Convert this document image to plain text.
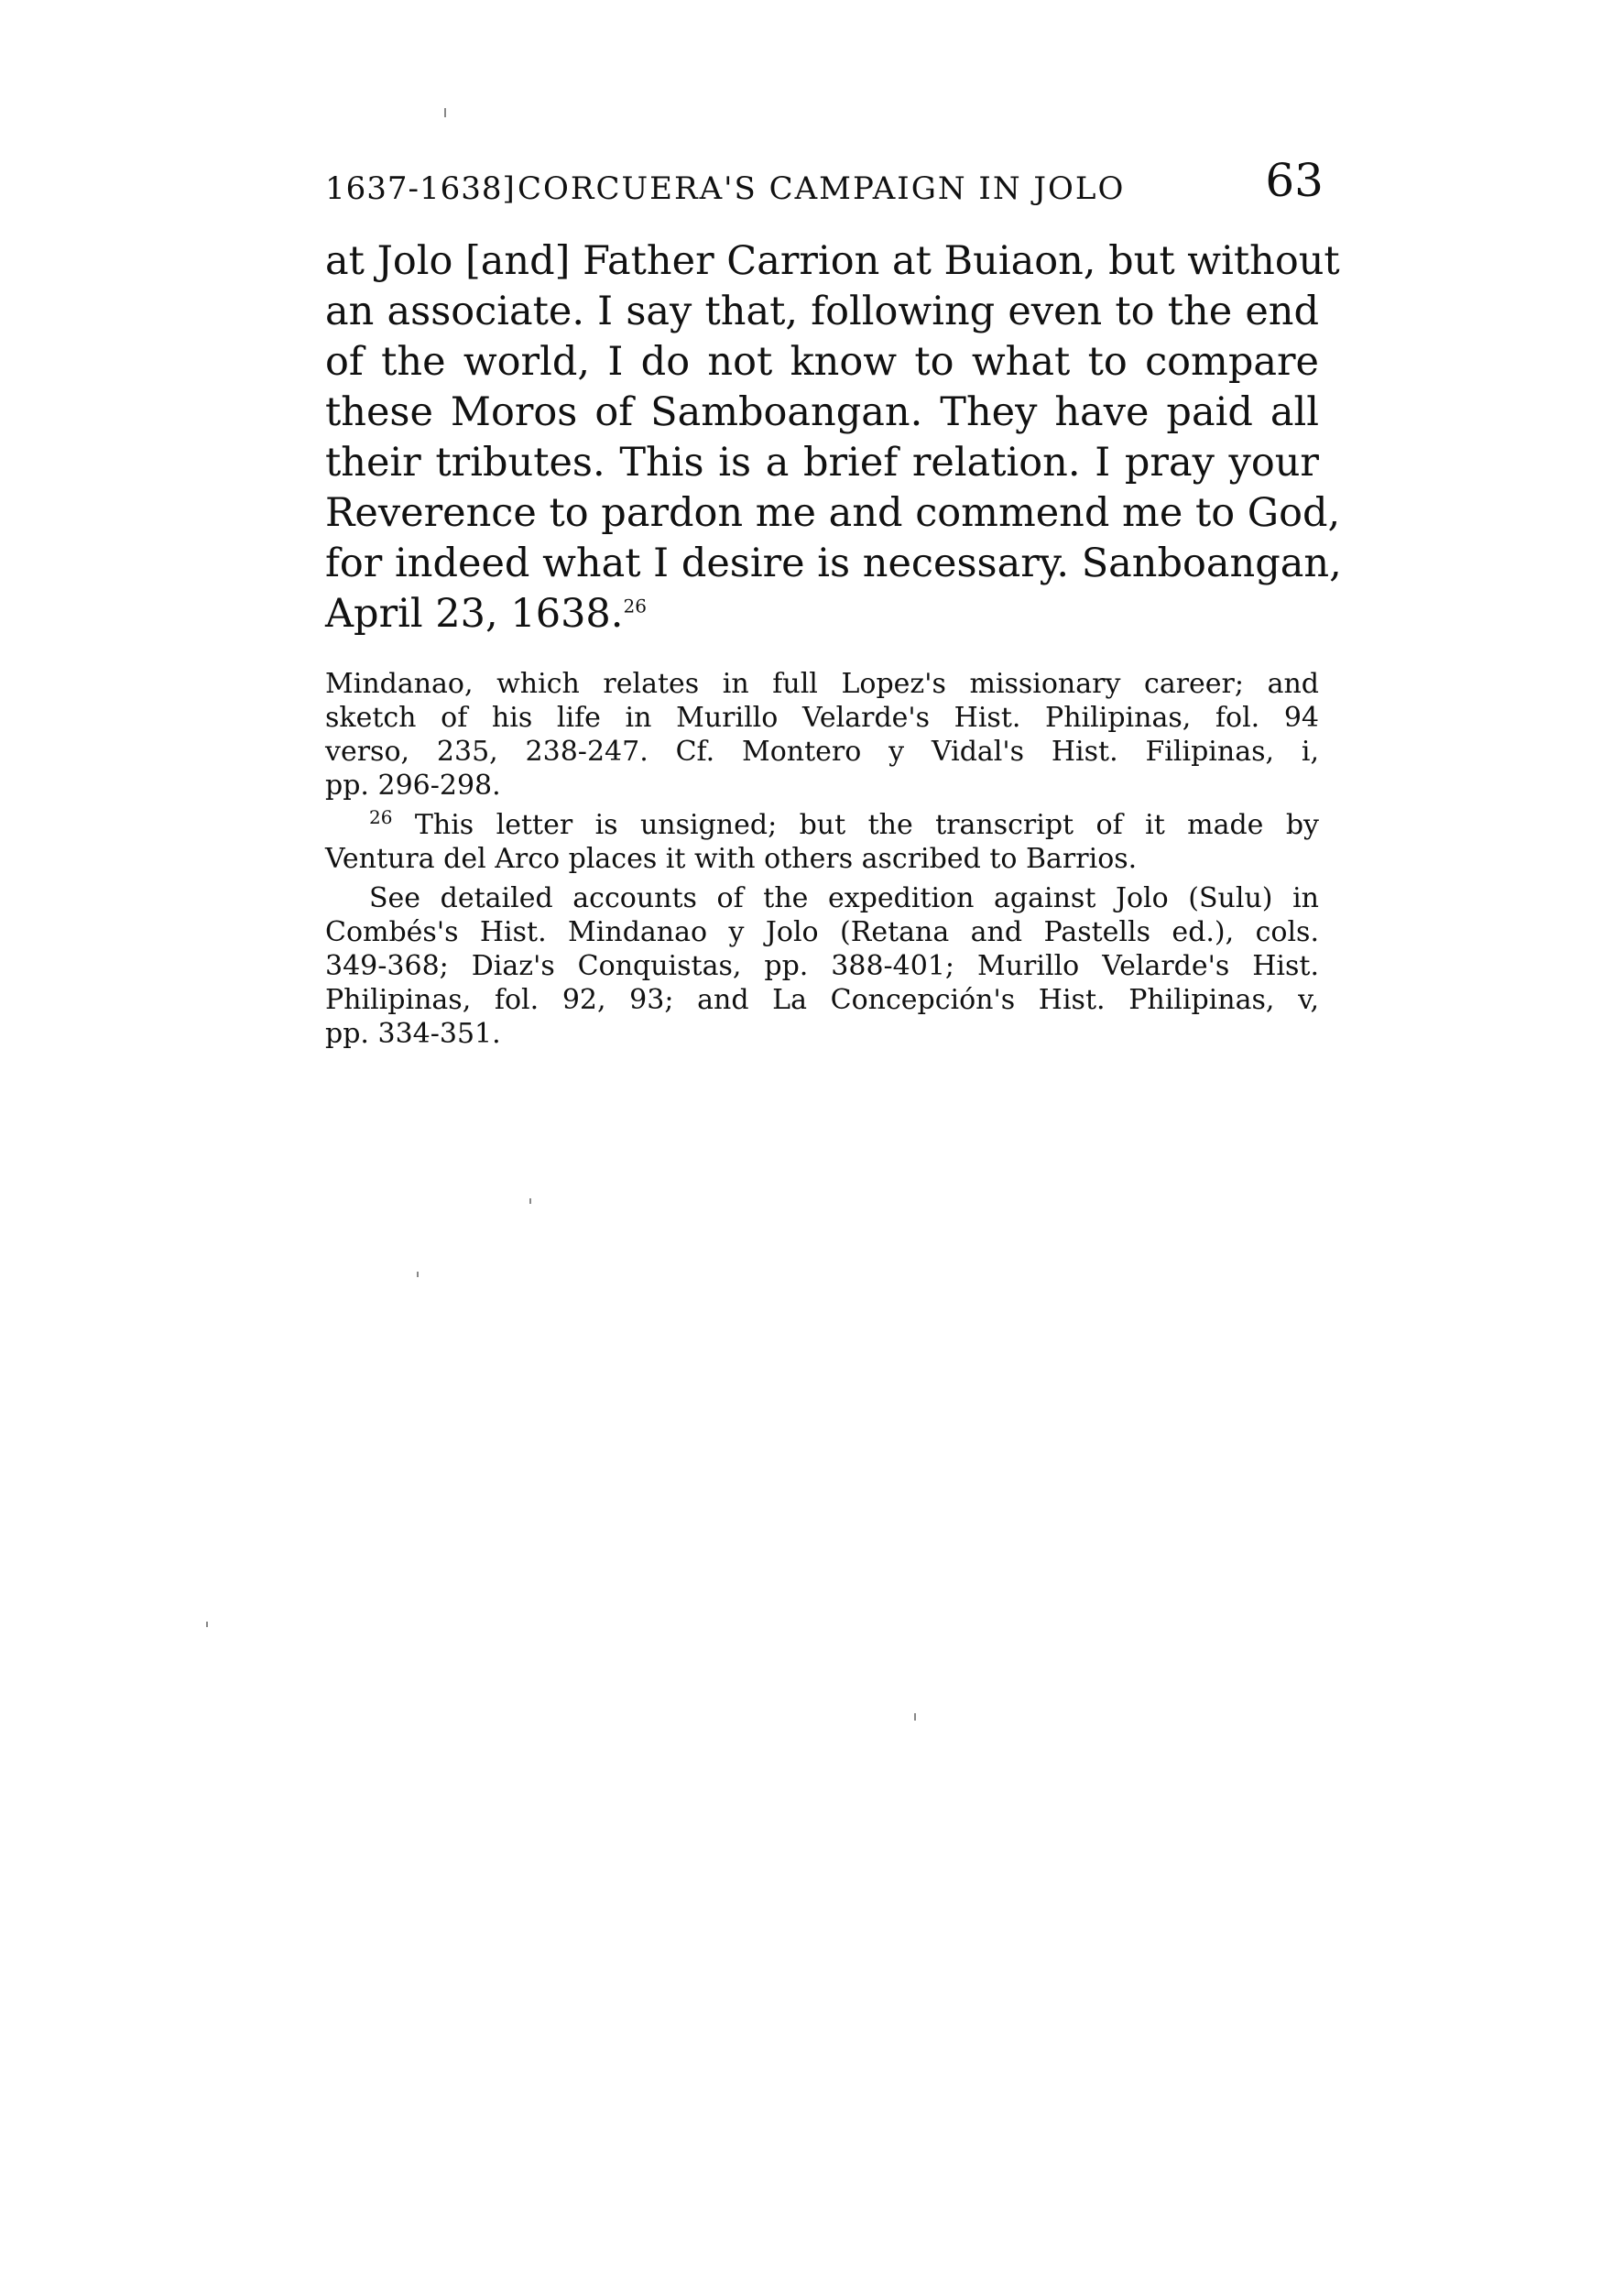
1637-1638] CORCUERA'S CAMPAIGN IN JOLO	63
at Jolo [and] Father Carrion at Buiaon, but without
an associate. I say that, following even to the end
of the world, I do not know to what to compare
these Moros of Samboangan. They have paid all
their tributes. This is a brief relation. I pray your
Reverence to pardon me and commend me to God,
for indeed what I desire is necessary. Sanboangan,
April 23, 1638.26
Mindanao, which relates in full Lopez's missionary career; and
sketch of his life in Murillo Velarde's Hist. Philipinas, fol. 94
verso, 235, 238-247. Cf. Montero y Vidal's Hist. Filipinas, i,
pp. 296-298.
$^{26}$ This letter is unsigned; but the transcript of it made by
Ventura del Arco places it with others ascribed to Barrios.
See detailed accounts of the expedition against Jolo (Sulu) in
Combés's Hist. Mindanao y Jolo (Retana and Pastells ed.), cols.
349-368; Diaz's Conquistas, pp. 388-401; Murillo Velarde's Hist.
Philipinas, fol. 92, 93; and La Concepción's Hist. Philipinas, v,
pp. 334-351.
